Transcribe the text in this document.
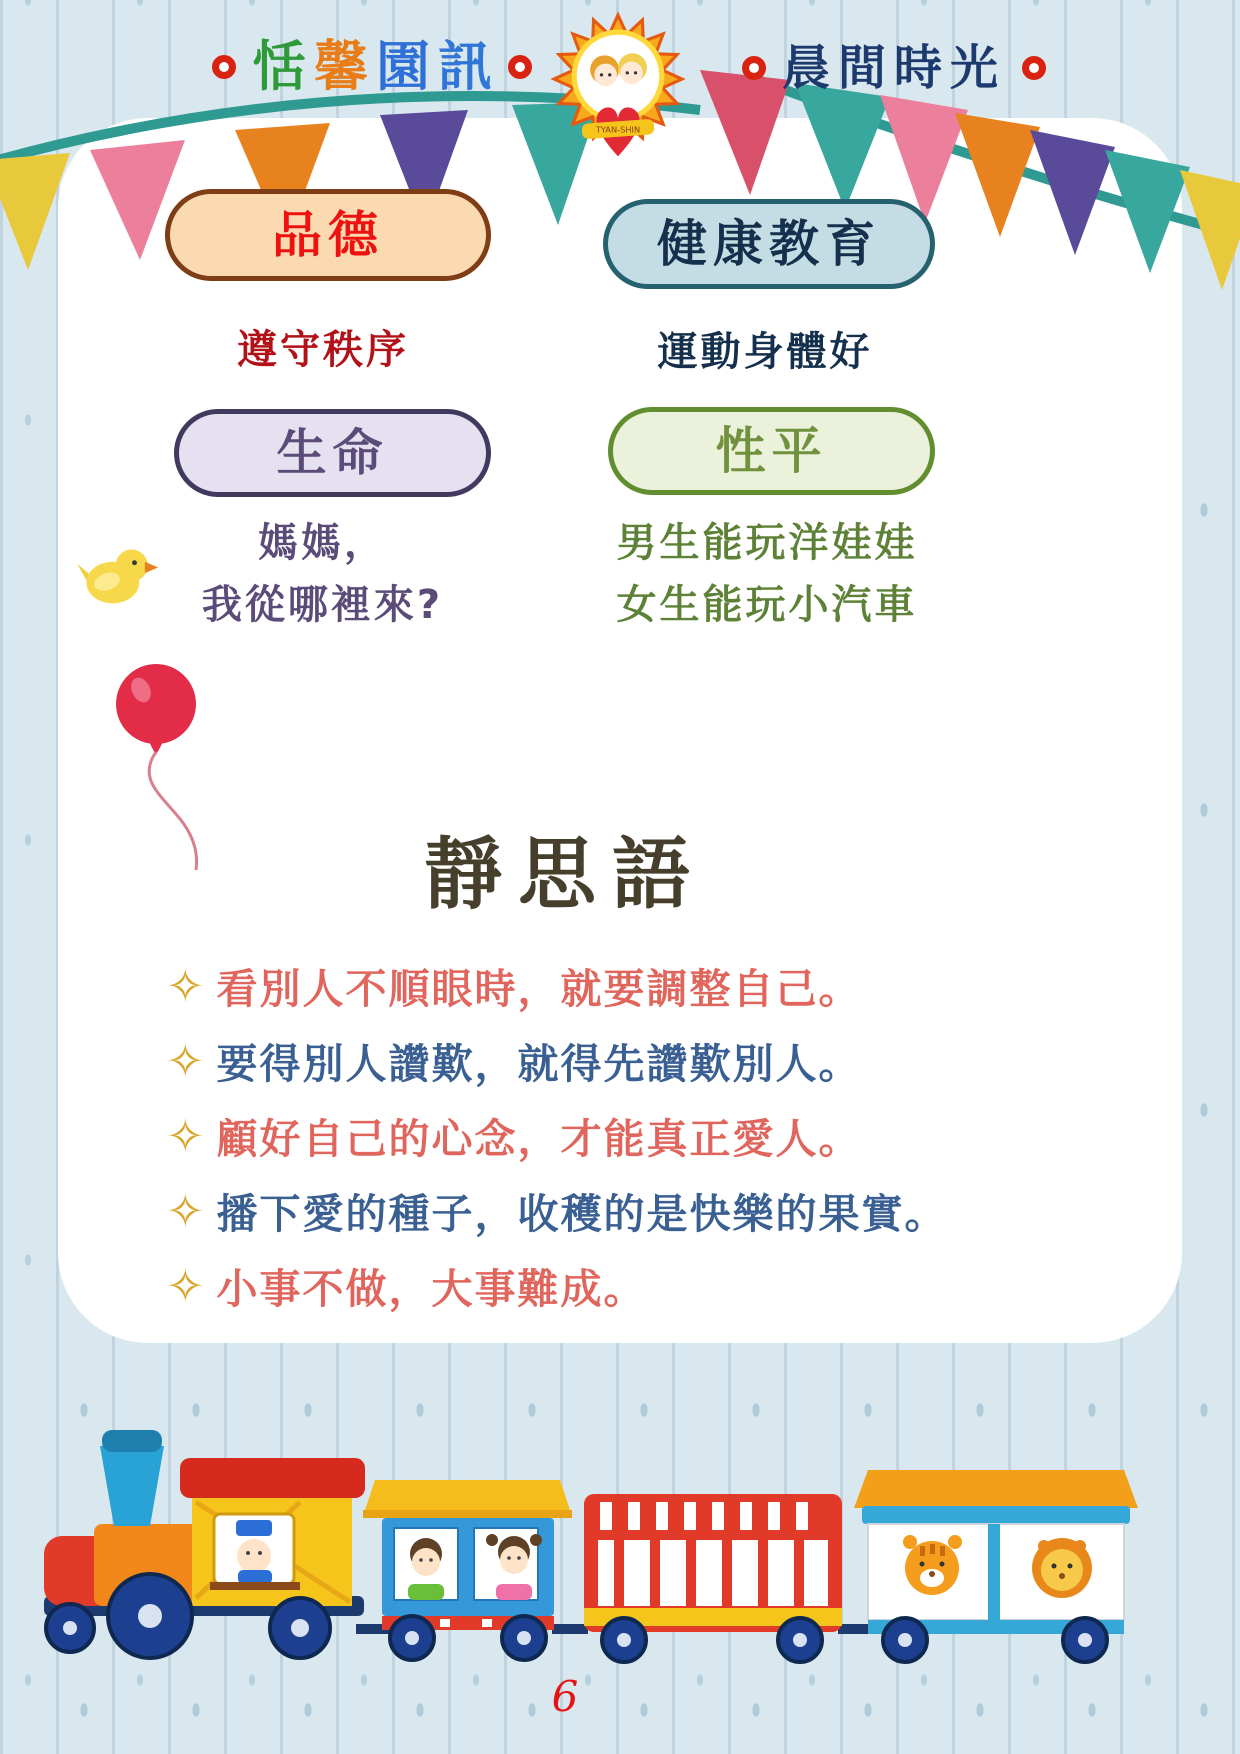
TYAN-SHIN
恬 馨 園 訊	晨間時光
品德	健康教育
生命	性平
遵守秩序	運動身體好
媽媽，
我從哪裡來?
男生能玩洋娃娃
女生能玩小汽車
靜思語
✧ 看別人不順眼時，就要調整自己。
✧ 要得別人讚歎，就得先讚歎別人。
✧ 顧好自己的心念，才能真正愛人。
✧ 播下愛的種子，收穫的是快樂的果實。
✧ 小事不做，大事難成。
6
